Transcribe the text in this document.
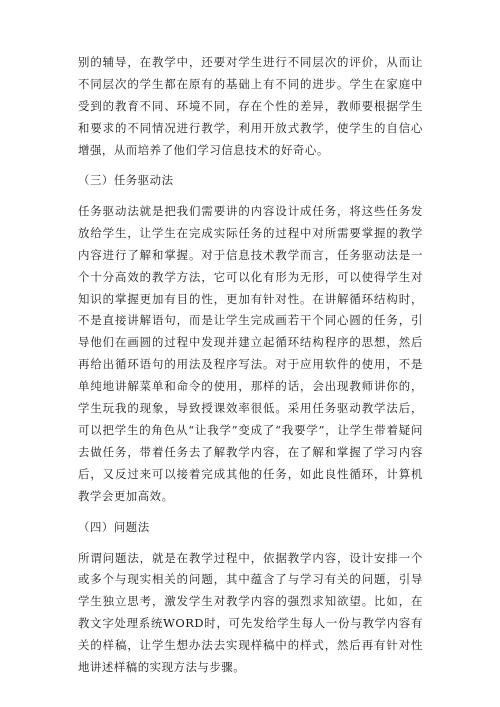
别的辅导，在教学中，还要对学生进行不同层次的评价，从而让不同层次的学生都在原有的基础上有不同的进步。学生在家庭中受到的教育不同、环境不同，存在个性的差异，教师要根据学生和要求的不同情况进行教学，利用开放式教学，使学生的自信心增强，从而培养了他们学习信息技术的好奇心。

（三）任务驱动法

任务驱动法就是把我们需要讲的内容设计成任务，将这些任务发放给学生，让学生在完成实际任务的过程中对所需要掌握的教学内容进行了解和掌握。对于信息技术教学而言，任务驱动法是一个十分高效的教学方法，它可以化有形为无形，可以使得学生对知识的掌握更加有目的性，更加有针对性。在讲解循环结构时，不是直接讲解语句，而是让学生完成画若干个同心圆的任务，引导他们在画圆的过程中发现并建立起循环结构程序的思想，然后再给出循环语句的用法及程序写法。对于应用软件的使用，不是单纯地讲解菜单和命令的使用，那样的话，会出现教师讲你的，学生玩我的现象，导致授课效率很低。采用任务驱动教学法后，可以把学生的角色从“让我学”变成了“我要学”，让学生带着疑问去做任务，带着任务去了解教学内容，在了解和掌握了学习内容后，又反过来可以接着完成其他的任务，如此良性循环，计算机教学会更加高效。

（四）问题法

所谓问题法，就是在教学过程中，依据教学内容，设计安排一个或多个与现实相关的问题，其中蕴含了与学习有关的问题，引导学生独立思考，激发学生对教学内容的强烈求知欲望。比如，在教文字处理系统WORD时，可先发给学生每人一份与教学内容有关的样稿，让学生想办法去实现样稿中的样式，然后再有针对性地讲述样稿的实现方法与步骤。
